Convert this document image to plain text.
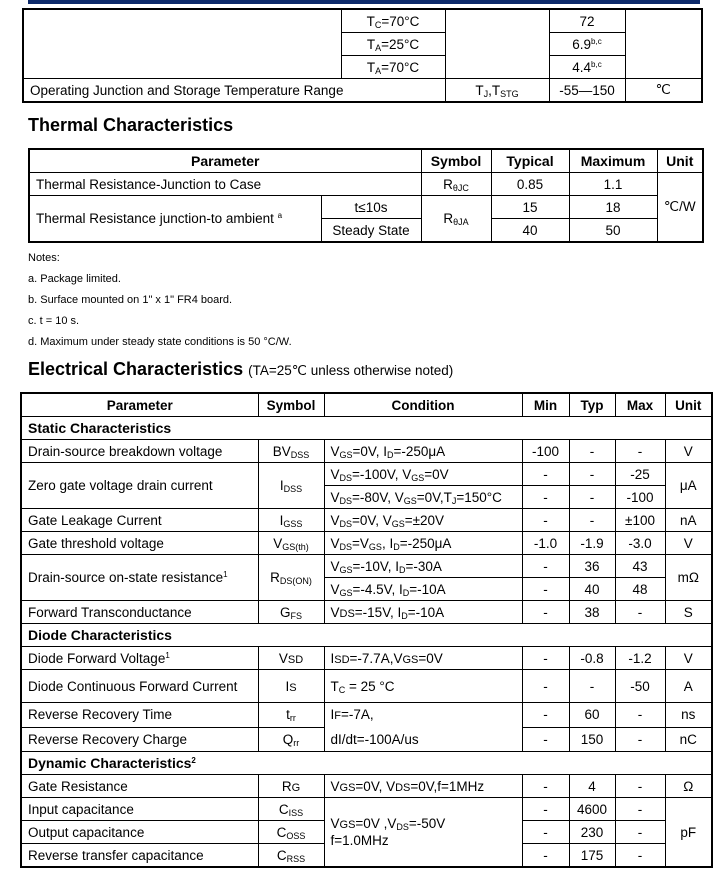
	$T_C=70^\circ C$		72	
	$T_A=25^\circ C$		6.9$^{b,c}$
	$T_A=70^\circ C$		4.4$^{b,c}$
Operating Junction and Storage Temperature Range		$T_J,T_{STG}$	-55—150	℃
Thermal Characteristics
Parameter		Symbol	Typical	Maximum	Unit
Thermal Resistance-Junction to Case		$R_{\theta JC}$	0.85	1.1	℃/W
Thermal Resistance junction-to ambient $^a$	t≤10s	$R_{\theta JA}$	15	18	
	Steady State		40	50	
Notes:
a. Package limited.
b. Surface mounted on 1" x 1" FR4 board.
c. t = 10 s.
d. Maximum under steady state conditions is 50 °C/W.
Electrical Characteristics (TA=25℃ unless otherwise noted)
Parameter	Symbol	Condition	Min	Typ	Max	Unit
Static Characteristics						
Drain-source breakdown voltage	$BV_{DSS}$	$V_{GS}=0V$, $I_D=-250\mu A$	-100	-	-	V
Zero gate voltage drain current	$I_{DSS}$	$V_{DS}=-100V$, $V_{GS}=0V$	-	-	-25	μA
		$V_{DS}=-80V$, $V_{GS}=0V,T_J=150^\circ C$	-	-	-100	
Gate Leakage Current	$I_{GSS}$	$V_{DS}=0V$, $V_{GS}=\pm 20V$	-	-	±100	nA
Gate threshold voltage	$V_{GS(th)}$	$V_{DS}=V_{GS}$, $I_D=-250\mu A$	-1.0	-1.9	-3.0	V
Drain-source on-state resistance$^1$	$R_{DS(ON)}$	$V_{GS}=-10V$, $I_D=-30A$	-	36	43	mΩ
		$V_{GS}=-4.5V$, $I_D=-10A$	-	40	48	
Forward Transconductance	$G_{FS}$	VDS=-15V, $I_D=-10A$	-	38	-	S
Diode Characteristics						
Diode Forward Voltage$^1$	VSD	ISD=-7.7A,VGS=0V	-	-0.8	-1.2	V
Diode Continuous Forward Current	IS	$T_C = 25$ °C	-	-	-50	A
Reverse Recovery Time	$t_{rr}$	IF=-7A,
dI/dt=-100A/us	-	60	-	ns
Reverse Recovery Charge	$Q_{rr}$		-	150	-	nC
Dynamic Characteristics$^2$
Gate Resistance	RG	VGS=0V, VDS=0V,f=1MHz	-	4	-	Ω
Input capacitance	$C_{ISS}$	VGS=0V $,V_{DS}=-50V$
f=1.0MHz	-	4600	-	pF
Output capacitance	$C_{OSS}$		-	230	-	
Reverse transfer capacitance	$C_{RSS}$		-	175	-	
